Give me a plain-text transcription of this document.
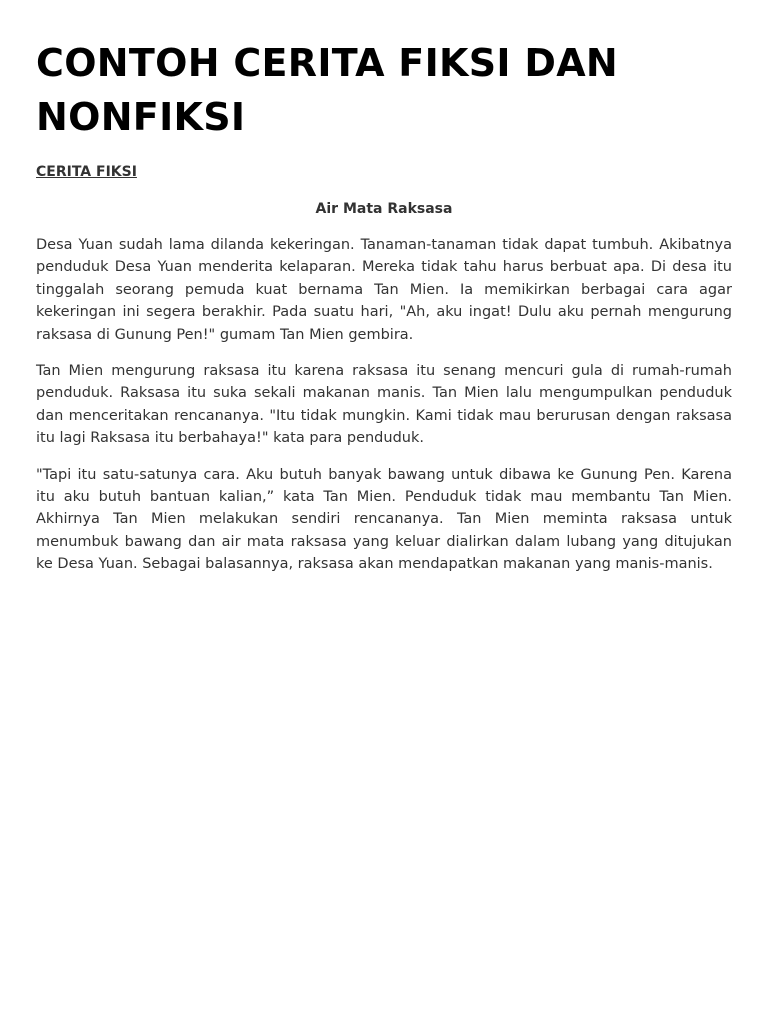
CONTOH CERITA FIKSI DAN NONFIKSI
CERITA FIKSI
Air Mata Raksasa

Desa Yuan sudah lama dilanda kekeringan. Tanaman-tanaman tidak dapat tumbuh. Akibatnya penduduk Desa Yuan menderita kelaparan. Mereka tidak tahu harus berbuat apa. Di desa itu tinggalah seorang pemuda kuat bernama Tan Mien. Ia memikirkan berbagai cara agar kekeringan ini segera berakhir. Pada suatu hari, "Ah, aku ingat! Dulu aku pernah mengurung raksasa di Gunung Pen!" gumam Tan Mien gembira.

Tan Mien mengurung raksasa itu karena raksasa itu senang mencuri gula di rumah-rumah penduduk. Raksasa itu suka sekali makanan manis. Tan Mien lalu mengumpulkan penduduk dan menceritakan rencananya. "Itu tidak mungkin. Kami tidak mau berurusan dengan raksasa itu lagi Raksasa itu berbahaya!" kata para penduduk.

"Tapi itu satu-satunya cara. Aku butuh banyak bawang untuk dibawa ke Gunung Pen. Karena itu aku butuh bantuan kalian,” kata Tan Mien. Penduduk tidak mau membantu Tan Mien. Akhirnya Tan Mien melakukan sendiri rencananya. Tan Mien meminta raksasa untuk menumbuk bawang dan air mata raksasa yang keluar dialirkan dalam lubang yang ditujukan ke Desa Yuan. Sebagai balasannya, raksasa akan mendapatkan makanan yang manis-manis.
